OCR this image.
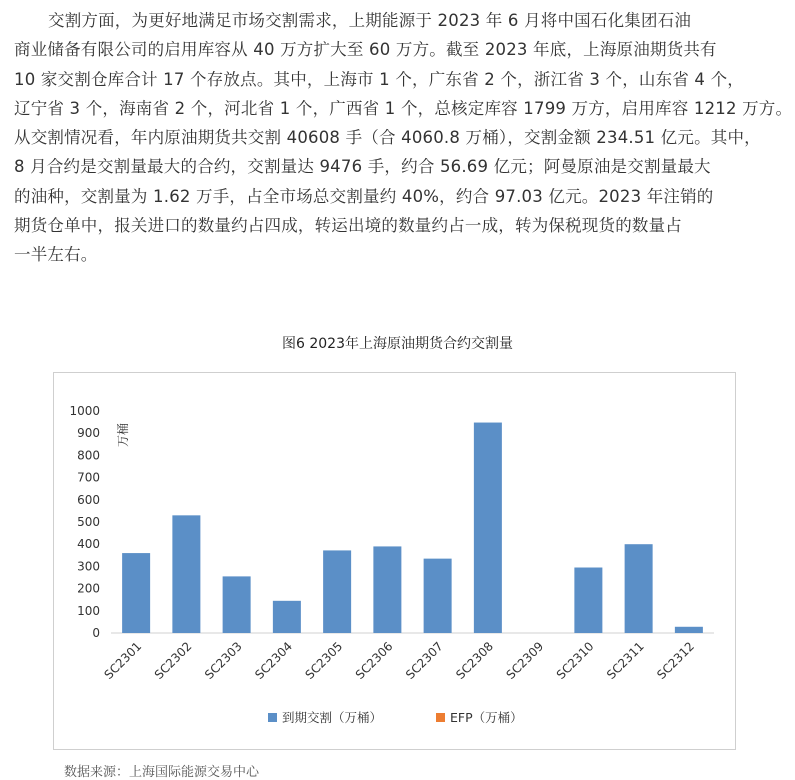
交割方面，为更好地满足市场交割需求，上期能源于 2023 年 6 月将中国石化集团石油
商业储备有限公司的启用库容从 40 万方扩大至 60 万方。截至 2023 年底，上海原油期货共有
10 家交割仓库合计 17 个存放点。其中，上海市 1 个，广东省 2 个，浙江省 3 个，山东省 4 个，
辽宁省 3 个，海南省 2 个，河北省 1 个，广西省 1 个，总核定库容 1799 万方，启用库容 1212 万方。
从交割情况看，年内原油期货共交割 40608 手（合 4060.8 万桶），交割金额 234.51 亿元。其中，
8 月合约是交割量最大的合约，交割量达 9476 手，约合 56.69 亿元；阿曼原油是交割量最大
的油种，交割量为 1.62 万手，占全市场总交割量约 40%，约合 97.03 亿元。2023 年注销的
期货仓单中，报关进口的数量约占四成，转运出境的数量约占一成，转为保税现货的数量占
一半左右。
图6 2023年上海原油期货合约交割量
0
100
200
300
400
500
600
700
800
900
1000
万桶
SC2301 SC2302 SC2303 SC2304 SC2305 SC2306 SC2307 SC2308 SC2309 SC2310 SC2311 SC2312
到期交割（万桶）	EFP（万桶）
数据来源：上海国际能源交易中心
